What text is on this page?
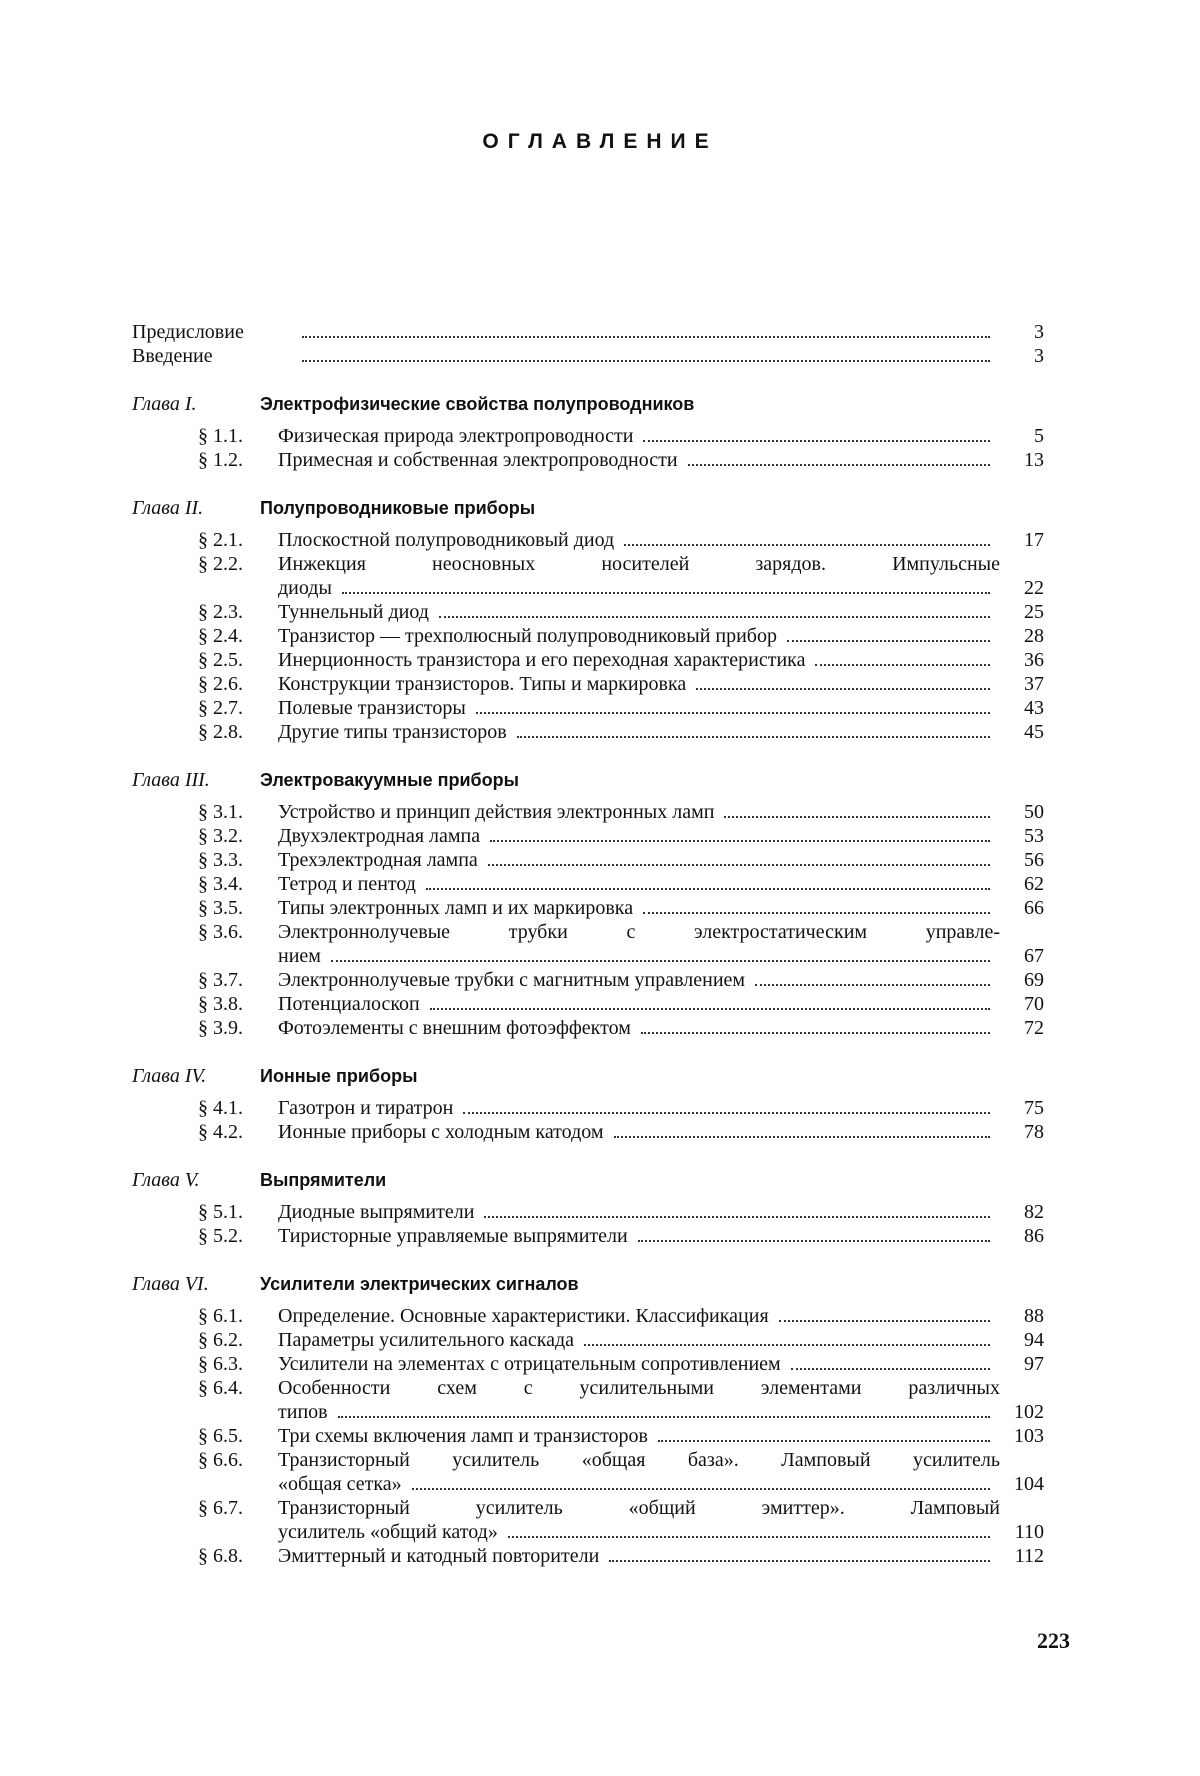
ОГЛАВЛЕНИЕ
Предисловие	3
Введение	3
Глава I.	Электрофизические свойства полупроводников
§ 1.1. Физическая природа электропроводности	5
§ 1.2. Примесная и собственная электропроводности	13
Глава II.	Полупроводниковые приборы
§ 2.1. Плоскостной полупроводниковый диод	17
§ 2.2.	Инжекция неосновных носителей зарядов. Импульсные
диоды	22
§ 2.3. Туннельный диод	25
§ 2.4. Транзистор — трехполюсный полупроводниковый прибор	28
§ 2.5. Инерционность транзистора и его переходная характеристика	36
§ 2.6. Конструкции транзисторов. Типы и маркировка	37
§ 2.7. Полевые транзисторы	43
§ 2.8. Другие типы транзисторов	45
Глава III.	Электровакуумные приборы
§ 3.1. Устройство и принцип действия электронных ламп	50
§ 3.2. Двухэлектродная лампа	53
§ 3.3. Трехэлектродная лампа	56
§ 3.4. Тетрод и пентод	62
§ 3.5. Типы электронных ламп и их маркировка	66
§ 3.6.	Электроннолучевые трубки с электростатическим управле-
нием	67
§ 3.7. Электроннолучевые трубки с магнитным управлением	69
§ 3.8. Потенциалоскоп	70
§ 3.9. Фотоэлементы с внешним фотоэффектом	72
Глава IV.	Ионные приборы
§ 4.1. Газотрон и тиратрон	75
§ 4.2. Ионные приборы с холодным катодом	78
Глава V.	Выпрямители
§ 5.1. Диодные выпрямители	82
§ 5.2. Тиристорные управляемые выпрямители	86
Глава VI.	Усилители электрических сигналов
§ 6.1. Определение. Основные характеристики. Классификация	88
§ 6.2. Параметры усилительного каскада	94
§ 6.3. Усилители на элементах с отрицательным сопротивлением	97
§ 6.4.	Особенности схем с усилительными элементами различных
типов	102
§ 6.5. Три схемы включения ламп и транзисторов	103
§ 6.6.	Транзисторный усилитель «общая база». Ламповый усилитель
«общая сетка»	104
§ 6.7.	Транзисторный усилитель «общий эмиттер». Ламповый
усилитель «общий катод»	110
§ 6.8. Эмиттерный и катодный повторители	112
223
